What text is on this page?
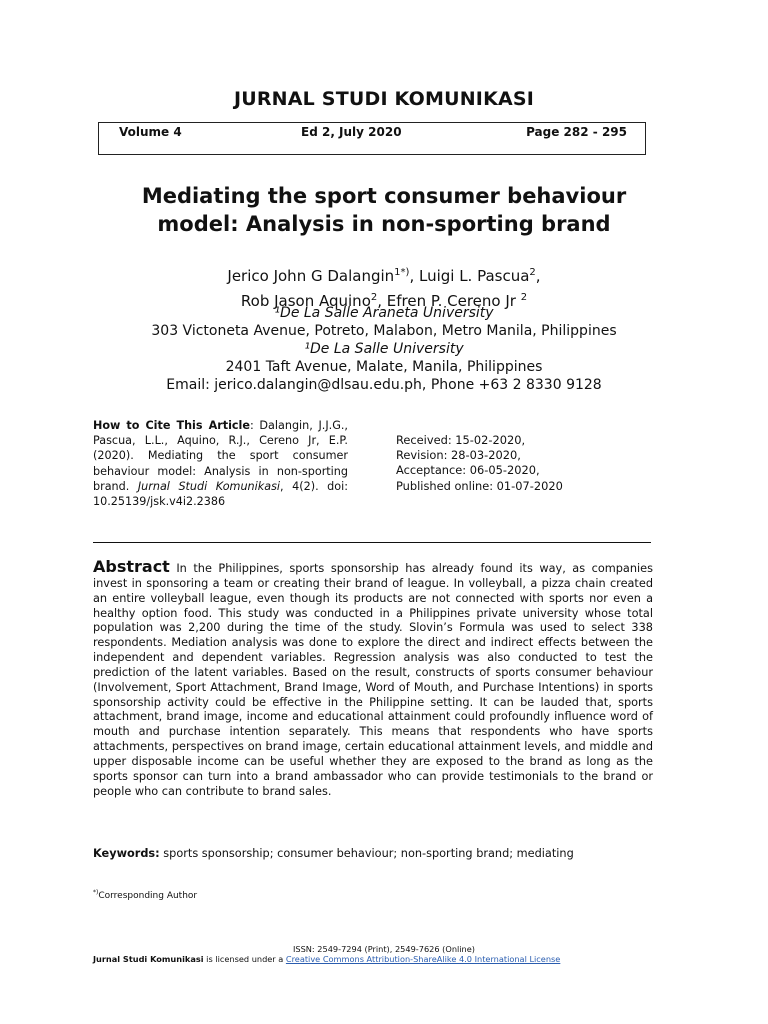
JURNAL STUDI KOMUNIKASI
Volume 4	Ed 2, July 2020	Page 282 - 295
Mediating the sport consumer behaviour
model: Analysis in non-sporting brand
Jerico John G Dalangin$^{1*)}$, Luigi L. Pascua$^2$,
Rob Jason Aquino$^2$, Efren P. Cereno Jr $^2$
¹De La Salle Araneta University
303 Victoneta Avenue, Potreto, Malabon, Metro Manila, Philippines
¹De La Salle University
2401 Taft Avenue, Malate, Manila, Philippines
Email: jerico.dalangin@dlsau.edu.ph, Phone +63 2 8330 9128
How to Cite This Article: Dalangin, J.J.G., Pascua, L.L., Aquino, R.J., Cereno Jr, E.P. (2020). Mediating the sport consumer behaviour model: Analysis in non-sporting brand. Jurnal Studi Komunikasi, 4(2). doi: 10.25139/jsk.v4i2.2386
Received: 15-02-2020,
Revision: 28-03-2020,
Acceptance: 06-05-2020,
Published online: 01-07-2020
Abstract In the Philippines, sports sponsorship has already found its way, as companies invest in sponsoring a team or creating their brand of league. In volleyball, a pizza chain created an entire volleyball league, even though its products are not connected with sports nor even a healthy option food. This study was conducted in a Philippines private university whose total population was 2,200 during the time of the study. Slovin’s Formula was used to select 338 respondents. Mediation analysis was done to explore the direct and indirect effects between the independent and dependent variables. Regression analysis was also conducted to test the prediction of the latent variables. Based on the result, constructs of sports consumer behaviour (Involvement, Sport Attachment, Brand Image, Word of Mouth, and Purchase Intentions) in sports sponsorship activity could be effective in the Philippine setting. It can be lauded that, sports attachment, brand image, income and educational attainment could profoundly influence word of mouth and purchase intention separately. This means that respondents who have sports attachments, perspectives on brand image, certain educational attainment levels, and middle and upper disposable income can be useful whether they are exposed to the brand as long as the sports sponsor can turn into a brand ambassador who can provide testimonials to the brand or people who can contribute to brand sales.
Keywords: sports sponsorship; consumer behaviour; non-sporting brand; mediating
*)Corresponding Author
ISSN: 2549-7294 (Print), 2549-7626 (Online)
Jurnal Studi Komunikasi is licensed under a Creative Commons Attribution-ShareAlike 4.0 International License
